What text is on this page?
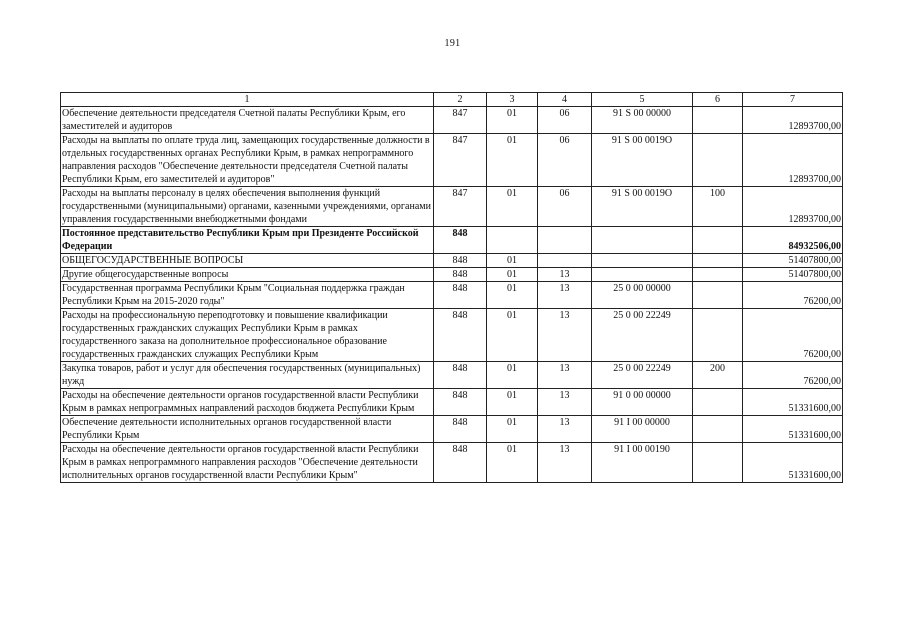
191
1	2	3	4	5	6	7
Обеспечение деятельности председателя Счетной палаты Республики Крым, его заместителей и аудиторов	847	01	06	91 S 00 00000		12893700,00
Расходы на выплаты по оплате труда лиц, замещающих государственные должности в отдельных государственных органах Республики Крым, в рамках непрограммного направления расходов "Обеспечение деятельности председателя Счетной палаты Республики Крым, его заместителей и аудиторов"	847	01	06	91 S 00 0019О		12893700,00
Расходы на выплаты персоналу в целях обеспечения выполнения функций государственными (муниципальными) органами, казенными учреждениями, органами управления государственными внебюджетными фондами	847	01	06	91 S 00 0019О	100	12893700,00
Постоянное представительство Республики Крым при Президенте Российской Федерации	848					84932506,00
ОБЩЕГОСУДАРСТВЕННЫЕ ВОПРОСЫ	848	01				51407800,00
Другие общегосударственные вопросы	848	01	13			51407800,00
Государственная программа Республики Крым "Социальная поддержка граждан Республики Крым на 2015-2020 годы"	848	01	13	25 0 00 00000		76200,00
Расходы на профессиональную переподготовку и повышение квалификации государственных гражданских служащих Республики Крым в рамках государственного заказа на дополнительное профессиональное образование государственных гражданских служащих Республики Крым	848	01	13	25 0 00 22249		76200,00
Закупка товаров, работ и услуг для обеспечения государственных (муниципальных) нужд	848	01	13	25 0 00 22249	200	76200,00
Расходы на обеспечение деятельности органов государственной власти Республики Крым в рамках непрограммных направлений расходов бюджета Республики Крым	848	01	13	91 0 00 00000		51331600,00
Обеспечение деятельности исполнительных органов государственной власти Республики Крым	848	01	13	91 I 00 00000		51331600,00
Расходы на обеспечение деятельности органов государственной власти Республики Крым в рамках непрограммного направления расходов "Обеспечение деятельности исполнительных органов государственной власти Республики Крым"	848	01	13	91 I 00 00190		51331600,00
